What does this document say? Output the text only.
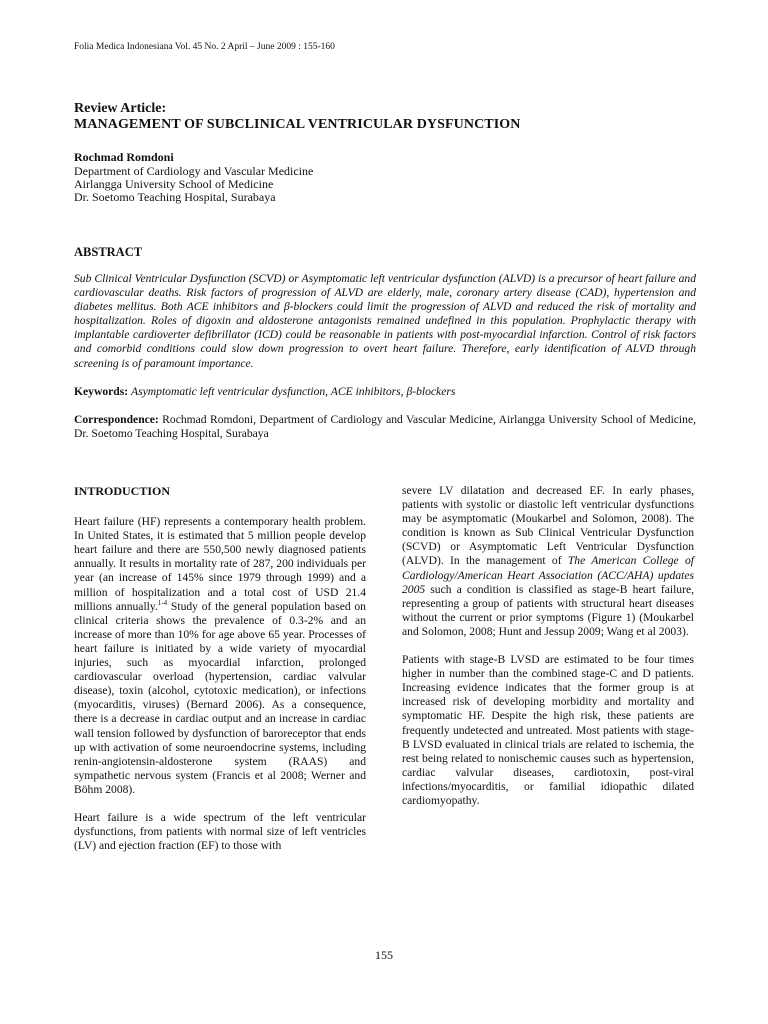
Folia Medica Indonesiana Vol. 45 No. 2 April – June 2009 : 155-160
Review Article:
MANAGEMENT OF SUBCLINICAL VENTRICULAR DYSFUNCTION
Rochmad Romdoni
Department of Cardiology and Vascular Medicine
Airlangga University School of Medicine
Dr. Soetomo Teaching Hospital, Surabaya
ABSTRACT

Sub Clinical Ventricular Dysfunction (SCVD) or Asymptomatic left ventricular dysfunction (ALVD) is a precursor of heart failure and cardiovascular deaths. Risk factors of progression of ALVD are elderly, male, coronary artery disease (CAD), hypertension and diabetes mellitus. Both ACE inhibitors and β-blockers could limit the progression of ALVD and reduced the risk of mortality and hospitalization. Roles of digoxin and aldosterone antagonists remained undefined in this population. Prophylactic therapy with implantable cardioverter defibrillator (ICD) could be reasonable in patients with post-myocardial infarction. Control of risk factors and comorbid conditions could slow down progression to overt heart failure. Therefore, early identification of ALVD through screening is of paramount importance.

Keywords: Asymptomatic left ventricular dysfunction, ACE inhibitors, β-blockers

Correspondence: Rochmad Romdoni, Department of Cardiology and Vascular Medicine, Airlangga University School of Medicine, Dr. Soetomo Teaching Hospital, Surabaya

INTRODUCTION

Heart failure (HF) represents a contemporary health problem. In United States, it is estimated that 5 million people develop heart failure and there are 550,500 newly diagnosed patients annually. It results in mortality rate of 287, 200 individuals per year (an increase of 145% since 1979 through 1999) and a million of hospitalization and a total cost of USD 21.4 millions annually.$^{1-4}$ Study of the general population based on clinical criteria shows the prevalence of 0.3-2% and an increase of more than 10% for age above 65 year. Processes of heart failure is initiated by a wide variety of myocardial injuries, such as myocardial infarction, prolonged cardiovascular overload (hypertension, cardiac valvular disease), toxin (alcohol, cytotoxic medication), or infections (myocarditis, viruses) (Bernard 2006). As a consequence, there is a decrease in cardiac output and an increase in cardiac wall tension followed by dysfunction of baroreceptor that ends up with activation of some neuroendocrine systems, including renin-angiotensin-aldosterone system (RAAS) and sympathetic nervous system (Francis et al 2008; Werner and Böhm 2008).

Heart failure is a wide spectrum of the left ventricular dysfunctions, from patients with normal size of left ventricles (LV) and ejection fraction (EF) to those with

severe LV dilatation and decreased EF. In early phases, patients with systolic or diastolic left ventricular dysfunctions may be asymptomatic (Moukarbel and Solomon, 2008). The condition is known as Sub Clinical Ventricular Dysfunction (SCVD) or Asymptomatic Left Ventricular Dysfunction (ALVD). In the management of The American College of Cardiology/American Heart Association (ACC/AHA) updates 2005 such a condition is classified as stage-B heart failure, representing a group of patients with structural heart diseases without the current or prior symptoms (Figure 1) (Moukarbel and Solomon, 2008; Hunt and Jessup 2009; Wang et al 2003).

Patients with stage-B LVSD are estimated to be four times higher in number than the combined stage-C and D patients. Increasing evidence indicates that the former group is at increased risk of developing morbidity and mortality and symptomatic HF. Despite the high risk, these patients are frequently undetected and untreated. Most patients with stage-B LVSD evaluated in clinical trials are related to ischemia, the rest being related to nonischemic causes such as hypertension, cardiac valvular diseases, cardiotoxin, post-viral infections/myocarditis, or familial idiopathic dilated cardiomyopathy.

155
